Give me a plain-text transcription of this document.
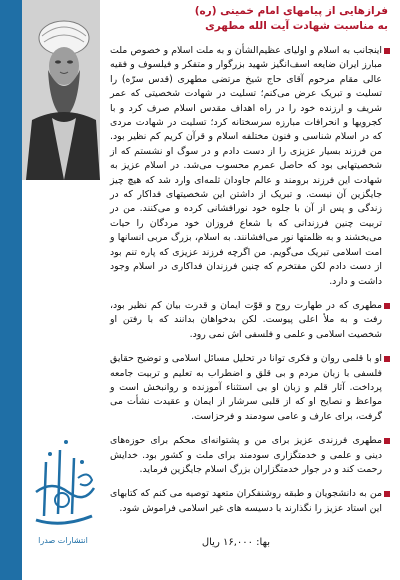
فرازهایی از پیامهای امام خمینی (ره)
به مناسبت شهادت آیت الله مطهری
اینجانب به اسلام و اولیای عظیم‌الشأن و به ملت اسلام و خصوص ملت مبارز ایران ضایعه اسف‌انگیز شهید بزرگوار و متفکر و فیلسوف و فقیه عالی مقام مرحوم آقای حاج شیخ مرتضی مطهری (قدس سرّه) را تسلیت و تبریک عرض می‌کنم؛ تسلیت در شهادت شخصیتی که عمر شریف و ارزنده خود را در راه اهداف مقدس اسلام صرف کرد و با کجرویها و انحرافات مبارزه سرسختانه کرد؛ تسلیت در شهادت مردی که در اسلام شناسی و فنون مختلفه اسلام و قرآن کریم کم نظیر بود. من فرزند بسیار عزیزی را از دست دادم و در سوگ او نشستم که از شخصیتهایی بود که حاصل عمرم محسوب می‌شد. در اسلام عزیز به شهادت این فرزند برومند و عالم جاودان ثلمه‌ای وارد شد که هیچ چیز جایگزین آن نیست. و تبریک از داشتن این شخصیتهای فداکار که در زندگی و پس از آن با جلوه خود نورافشانی کرده و می‌کنند. من در تربیت چنین فرزندانی که با شعاع فروزان خود مردگان را حیات می‌بخشند و به ظلمتها نور می‌افشانند. به اسلام، بزرگ مربی انسانها و امت اسلامی تبریک می‌گویم. من اگرچه فرزند عزیزی که پاره تنم بود از دست دادم لکن مفتخرم که چنین فرزندان فداکاری در اسلام وجود داشت و دارد.
مطهری که در طهارت روح و قوّت ایمان و قدرت بیان کم نظیر بود، رفت و به ملأ اعلی پیوست. لکن بدخواهان بدانند که با رفتن او شخصیت اسلامی و علمی و فلسفی اش نمی رود.
او با قلمی روان و فکری توانا در تحلیل مسائل اسلامی و توضیح حقایق فلسفی با زبان مردم و بی قلق و اضطراب به تعلیم و تربیت جامعه پرداخت. آثار قلم و زبان او بی استثناء آموزنده و روانبخش است و مواعظ و نصایح او که از قلبی سرشار از ایمان و عقیدت نشأت می گرفت، برای عارف و عامی سودمند و فرحزاست.
مطهری فرزندی عزیز برای من و پشتوانه‌ای محکم برای حوزه‌های دینی و علمی و خدمتگزاری سودمند برای ملت و کشور بود. خدایش رحمت کند و در جوار خدمتگزاران بزرگ اسلام جایگزین فرماید.
من به دانشجویان و طبقه روشنفکران متعهد توصیه می کنم که کتابهای این استاد عزیز را نگذارند با دسیسه های غیر اسلامی فراموش شود.
انتشارات صدرا	بها: ۱۶,۰۰۰ ریال
